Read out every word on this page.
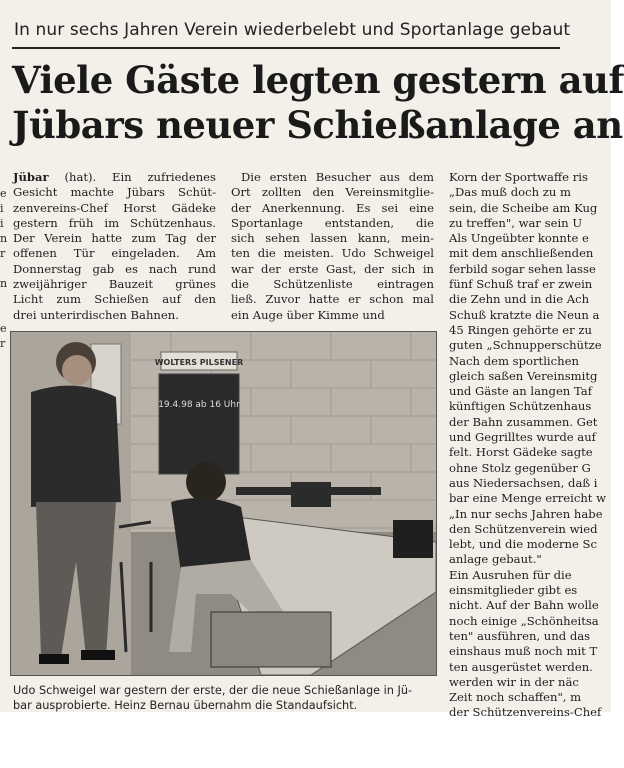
e
i
i
n
r
n
e
r
In nur sechs Jahren Verein wiederbelebt und Sportanlage gebaut
Viele Gäste legten gestern auf
Jübars neuer Schießanlage an
Jübar (hat). Ein zufriedenes
Gesicht machte Jübars Schüt-
zenvereins-Chef Horst Gädeke
gestern früh im Schützenhaus.
Der Verein hatte zum Tag der
offenen Tür eingeladen. Am
Donnerstag gab es nach rund
zweijähriger Bauzeit grünes
Licht zum Schießen auf den
drei unterirdischen Bahnen.
Die ersten Besucher aus dem
Ort zollten den Vereinsmitglie-
der Anerkennung. Es sei eine
Sportanlage entstanden, die
sich sehen lassen kann, mein-
ten die meisten. Udo Schweigel
war der erste Gast, der sich in
die Schützenliste eintragen
ließ. Zuvor hatte er schon mal
ein Auge über Kimme und
Korn der Sportwaffe ris
„Das muß doch zu m
sein, die Scheibe am Kug
zu treffen", war sein U
Als Ungeübter konnte e
mit dem anschließenden
ferbild sogar sehen lasse
fünf Schuß traf er zwein
die Zehn und in die Ach
Schuß kratzte die Neun a
45 Ringen gehörte er zu
guten „Schnupperschütze
Nach dem sportlichen
gleich saßen Vereinsmitg
und Gäste an langen Taf
künftigen Schützenhaus
der Bahn zusammen. Get
und Gegrilltes wurde auf
felt. Horst Gädeke sagte
ohne Stolz gegenüber G
aus Niedersachsen, daß i
bar eine Menge erreicht w
„In nur sechs Jahren habe
den Schützenverein wied
lebt, und die moderne Sc
anlage gebaut."
Ein Ausruhen für die
einsmitglieder gibt es
nicht. Auf der Bahn wolle
noch einige „Schönheitsa
ten" ausführen, und das
einshaus muß noch mit T
ten ausgerüstet werden.
werden wir in der näc
Zeit noch schaffen", m
der Schützenvereins-Chef
WOLTERS PILSENER
19.4.98 ab 16 Uhr
Udo Schweigel war gestern der erste, der die neue Schießanlage in Jü-
bar ausprobierte. Heinz Bernau übernahm die Standaufsicht.
